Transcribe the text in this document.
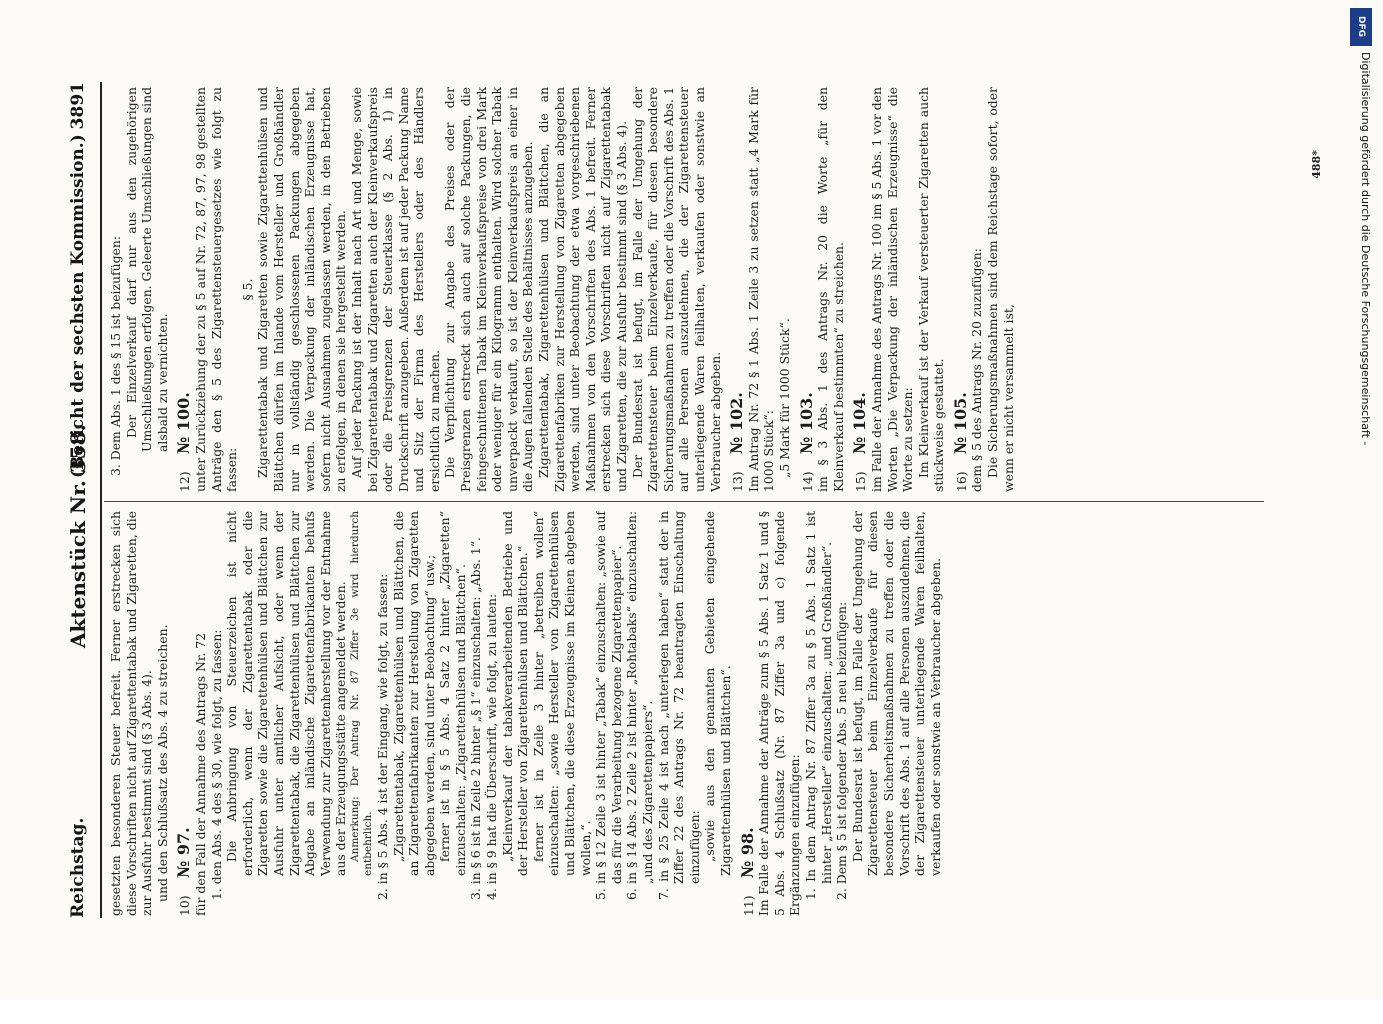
Reichstag.
Aktenstück Nr. 358.
(Bericht der sechsten Kommission.)
3891

gesetzten besonderen Steuer befreit. Ferner erstrecken sich diese Vorschriften nicht auf Zigarettentabak und Zigaretten, die zur Ausfuhr bestimmt sind (§ 3 Abs. 4). und den Schlußsatz des Abs. 4 zu streichen.

10) № 97. für den Fall der Annahme des Antrags Nr. 72 1. den Abs. 4 des § 30, wie folgt, zu fassen: Die Anbringung von Steuerzeichen ist nicht erforderlich, wenn der Zigarettentabak oder die Zigaretten sowie die Zigarettenhülsen und Blättchen zur Ausfuhr unter amtlicher Aufsicht, oder wenn der Zigarettentabak, die Zigarettenhülsen und Blättchen zur Abgabe an inländische Zigarettenfabrikanten behufs Verwendung zur Zigarettenherstellung vor der Entnahme aus der Erzeugungsstätte angemeldet werden. Anmerkung: Der Antrag Nr. 87 Ziffer 3e wird hierdurch entbehrlich. 2. in § 5 Abs. 4 ist der Eingang, wie folgt, zu fassen: „Zigarettentabak, Zigarettenhülsen und Blättchen, die an Zigarettenfabrikanten zur Herstellung von Zigaretten abgegeben werden, sind unter Beobachtung“ usw.; ferner ist in § 5 Abs. 4 Satz 2 hinter „Zigaretten“ einzuschalten: „Zigarettenhülsen und Blättchen“. 3. in § 6 ist in Zeile 2 hinter „§ 1“ einzuschalten: „Abs. 1“. 4. in § 9 hat die Überschrift, wie folgt, zu lauten: „Kleinverkauf der tabakverarbeitenden Betriebe und der Hersteller von Zigarettenhülsen und Blättchen.“ ferner ist in Zeile 3 hinter „betreiben wollen“ einzuschalten: „sowie Hersteller von Zigarettenhülsen und Blättchen, die diese Erzeugnisse im Kleinen abgeben wollen,“. 5. in § 12 Zeile 3 ist hinter „Tabak“ einzuschalten: „sowie auf das für die Verarbeitung bezogene Zigarettenpapier“. 6. in § 14 Abs. 2 Zeile 2 ist hinter „Rohtabaks“ einzuschalten: „und des Zigarettenpapiers“. 7. in § 25 Zeile 4 ist nach „unterlegen haben“ statt der in Ziffer 22 des Antrags Nr. 72 beantragten Einschaltung einzufügen: „sowie aus den genannten Gebieten eingehende Zigarettenhülsen und Blättchen“.

11) № 98. Im Falle der Annahme der Anträge zum § 5 Abs. 1 Satz 1 und § 5 Abs. 4 Schlußsatz (Nr. 87 Ziffer 3a und c) folgende Ergänzungen einzufügen: 1. In dem Antrag Nr. 87 Ziffer 3a zu § 5 Abs. 1 Satz 1 ist hinter „Hersteller“ einzuschalten: „und Großhändler“. 2. Dem § 5 ist folgender Abs. 5 neu beizufügen: Der Bundesrat ist befugt, im Falle der Umgehung der Zigarettensteuer beim Einzelverkaufe für diesen besondere Sicherheitsmaßnahmen zu treffen oder die Vorschrift des Abs. 1 auf alle Personen auszudehnen, die der Zigarettensteuer unterliegende Waren feilhalten, verkaufen oder sonstwie an Verbraucher abgeben.

3. Dem Abs. 1 des § 15 ist beizufügen: Der Einzelverkauf darf nur aus den zugehörigen Umschließungen erfolgen. Geleerte Umschließungen sind alsbald zu vernichten.

12) № 100. unter Zurückziehung der zu § 5 auf Nr. 72, 87, 97, 98 gestellten Anträge den § 5 des Zigarettensteuergesetzes wie folgt zu fassen:

§ 5. Zigarettentabak und Zigaretten sowie Zigarettenhülsen und Blättchen dürfen im Inlande vom Hersteller und Großhändler nur in vollständig geschlossenen Packungen abgegeben werden. Die Verpackung der inländischen Erzeugnisse hat, sofern nicht Ausnahmen zugelassen werden, in den Betrieben zu erfolgen, in denen sie hergestellt werden. Auf jeder Packung ist der Inhalt nach Art und Menge, sowie bei Zigarettentabak und Zigaretten auch der Kleinverkaufspreis oder die Preisgrenzen der Steuerklasse (§ 2 Abs. 1) in Druckschrift anzugeben. Außerdem ist auf jeder Packung Name und Sitz der Firma des Herstellers oder des Händlers ersichtlich zu machen. Die Verpflichtung zur Angabe des Preises oder der Preisgrenzen erstreckt sich auch auf solche Packungen, die feingeschnittenen Tabak im Kleinverkaufspreise von drei Mark oder weniger für ein Kilogramm enthalten. Wird solcher Tabak unverpackt verkauft, so ist der Kleinverkaufspreis an einer in die Augen fallenden Stelle des Behältnisses anzugeben. Zigarettentabak, Zigarettenhülsen und Blättchen, die an Zigarettenfabriken zur Herstellung von Zigaretten abgegeben werden, sind unter Beobachtung der etwa vorgeschriebenen Maßnahmen von den Vorschriften des Abs. 1 befreit. Ferner erstrecken sich diese Vorschriften nicht auf Zigarettentabak und Zigaretten, die zur Ausfuhr bestimmt sind (§ 3 Abs. 4). Der Bundesrat ist befugt, im Falle der Umgehung der Zigarettensteuer beim Einzelverkaufe, für diesen besondere Sicherungsmaßnahmen zu treffen oder die Vorschrift des Abs. 1 auf alle Personen auszudehnen, die der Zigarettensteuer unterliegende Waren feilhalten, verkaufen oder sonstwie an Verbraucher abgeben. 13) № 102. Im Antrag Nr. 72 § 1 Abs. 1 Zeile 3 zu setzen statt „4 Mark für 1000 Stück“: „5 Mark für 1000 Stück“.

14) № 103. im § 3 Abs. 1 des Antrags Nr. 20 die Worte „für den Kleinverkauf bestimmten“ zu streichen. 15) № 104. im Falle der Annahme des Antrags Nr. 100 im § 5 Abs. 1 vor den Worten „Die Verpackung der inländischen Erzeugnisse“ die Worte zu setzen: Im Kleinverkauf ist der Verkauf versteuerter Zigaretten auch stückweise gestattet. 16) № 105. dem § 5 des Antrags Nr. 20 zuzufügen: Die Sicherungsmaßnahmen sind dem Reichstage sofort, oder wenn er nicht versammelt ist,

488*
DFG
Digitalisierung gefördert durch die Deutsche Forschungsgemeinschaft -
